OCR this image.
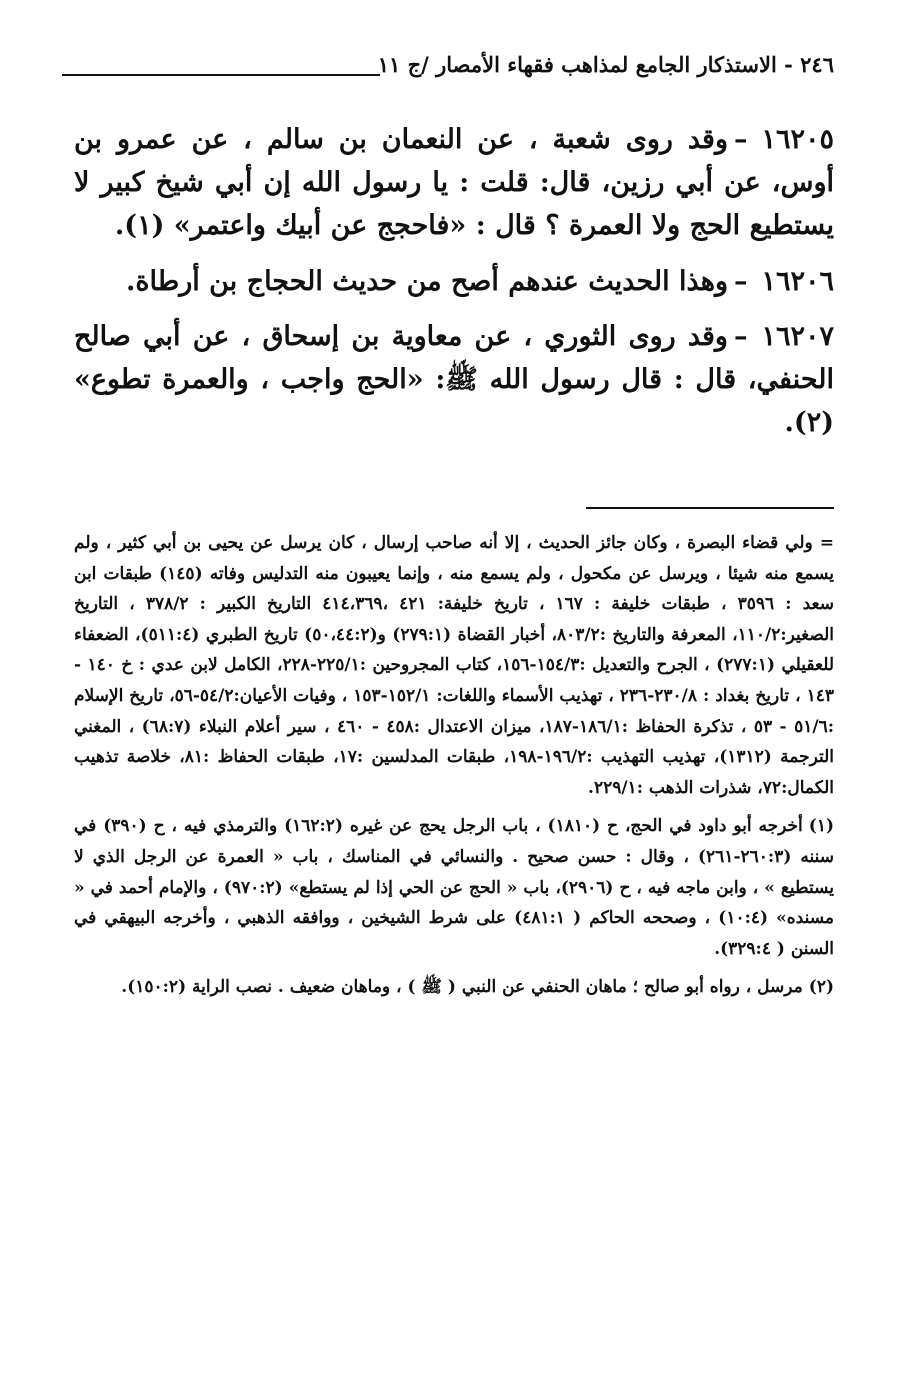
٢٤٦ - الاستذكار الجامع لمذاهب فقهاء الأمصار /ج ١١

١٦٢٠٥–وقد روى شعبة ، عن النعمان بن سالم ، عن عمرو بن أوس، عن أبي رزين، قال: قلت : يا رسول الله إن أبي شيخ كبير لا يستطيع الحج ولا العمرة ؟ قال : «فاحجج عن أبيك واعتمر» (١).

١٦٢٠٦–وهذا الحديث عندهم أصح من حديث الحجاج بن أرطاة.

١٦٢٠٧–وقد روى الثوري ، عن معاوية بن إسحاق ، عن أبي صالح الحنفي، قال : قال رسول الله ﷺ: «الحج واجب ، والعمرة تطوع» (٢).

= ولي قضاء البصرة ، وكان جائز الحديث ، إلا أنه صاحب إرسال ، كان يرسل عن يحيى بن أبي كثير ، ولم يسمع منه شيئا ، ويرسل عن مكحول ، ولم يسمع منه ، وإنما يعيبون منه التدليس وفاته (١٤٥) طبقات ابن سعد : ٣٥٩٦ ، طبقات خليفة : ١٦٧ ، تاريخ خليفة: ٤٢١ ،٤١٤،٣٦٩ التاريخ الكبير : ٣٧٨/٢ ، التاريخ الصغير:١١٠/٢، المعرفة والتاريخ :٨٠٣/٢، أخبار القضاة (٢٧٩:١) و(٥٠،٤٤:٢) تاريخ الطبري (٥١١:٤)، الضعفاء للعقيلي (٢٧٧:١) ، الجرح والتعديل :١٥٤/٣-١٥٦، كتاب المجروحين :٢٢٥/١-٢٢٨، الكامل لابن عدي : خ ١٤٠ - ١٤٣ ، تاريخ بغداد : ٢٣٠/٨-٢٣٦ ، تهذيب الأسماء واللغات: ١٥٢/١-١٥٣ ، وفيات الأعيان:٥٤/٢-٥٦، تاريخ الإسلام :٥١/٦ - ٥٣ ، تذكرة الحفاظ :١٨٦/١-١٨٧، ميزان الاعتدال :٤٥٨ - ٤٦٠ ، سير أعلام النبلاء (٦٨:٧) ، المغني الترجمة (١٣١٢)، تهذيب التهذيب :١٩٦/٢-١٩٨، طبقات المدلسين :١٧، طبقات الحفاظ :٨١، خلاصة تذهيب الكمال:٧٢، شذرات الذهب :٢٢٩/١.

(١)أخرجه أبو داود في الحج، ح (١٨١٠) ، باب الرجل يحج عن غيره (١٦٢:٢) والترمذي فيه ، ح (٣٩٠) في سننه (٢٦٠:٣-٢٦١) ، وقال : حسن صحيح . والنسائي في المناسك ، باب « العمرة عن الرجل الذي لا يستطيع » ، وابن ماجه فيه ، ح (٢٩٠٦)، باب « الحج عن الحي إذا لم يستطع» (٩٧٠:٢) ، والإمام أحمد في « مسنده» (١٠:٤) ، وصححه الحاكم ( ٤٨١:١) على شرط الشيخين ، ووافقه الذهبي ، وأخرجه البيهقي في السنن ( ٣٢٩:٤).

(٢)مرسل ، رواه أبو صالح ؛ ماهان الحنفي عن النبي ( ﷺ ) ، وماهان ضعيف . نصب الراية (١٥٠:٢).
